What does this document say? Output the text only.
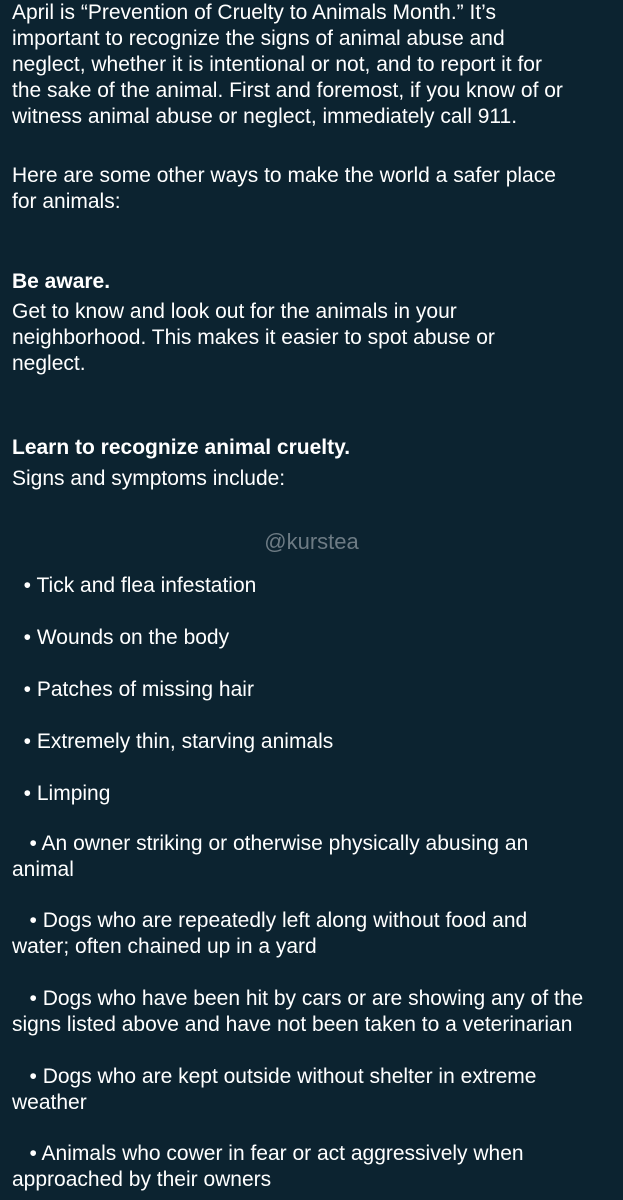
April is “Prevention of Cruelty to Animals Month.” It’s
important to recognize the signs of animal abuse and
neglect, whether it is intentional or not, and to report it for
the sake of the animal. First and foremost, if you know of or
witness animal abuse or neglect, immediately call 911.

Here are some other ways to make the world a safer place
for animals:

Be aware.

Get to know and look out for the animals in your
neighborhood. This makes it easier to spot abuse or
neglect.

Learn to recognize animal cruelty.

Signs and symptoms include:

@kurstea

• Tick and flea infestation

• Wounds on the body

• Patches of missing hair

• Extremely thin, starving animals

• Limping

• An owner striking or otherwise physically abusing an
animal

• Dogs who are repeatedly left along without food and
water; often chained up in a yard

• Dogs who have been hit by cars or are showing any of the
signs listed above and have not been taken to a veterinarian

• Dogs who are kept outside without shelter in extreme
weather

• Animals who cower in fear or act aggressively when
approached by their owners
